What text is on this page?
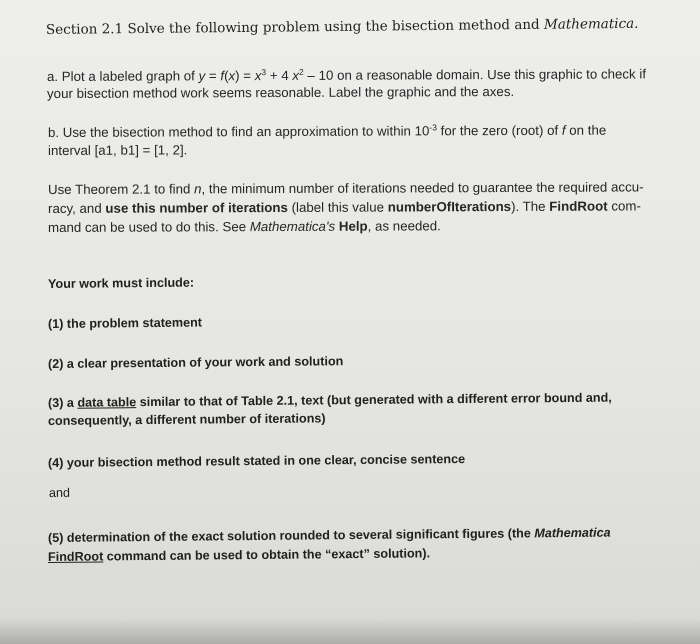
Section 2.1 Solve the following problem using the bisection method and Mathematica.
a. Plot a labeled graph of $y = f(x) = x^3 + 4$ $x^2 - 10$ on a reasonable domain. Use this graphic to check if
your bisection method work seems reasonable. Label the graphic and the axes.
b. Use the bisection method to find an approximation to within $10^{-3}$ for the zero (root) of f on the
interval [a1, b1] = [1, 2].
Use Theorem 2.1 to find n, the minimum number of iterations needed to guarantee the required accu-
racy, and use this number of iterations (label this value numberOfIterations). The FindRoot com-
mand can be used to do this. See Mathematica's Help, as needed.
Your work must include:
(1) the problem statement
(2) a clear presentation of your work and solution
(3) a data table similar to that of Table 2.1, text (but generated with a different error bound and,
consequently, a different number of iterations)
(4) your bisection method result stated in one clear, concise sentence
and
(5) determination of the exact solution rounded to several significant figures (the Mathematica
FindRoot command can be used to obtain the “exact” solution).
